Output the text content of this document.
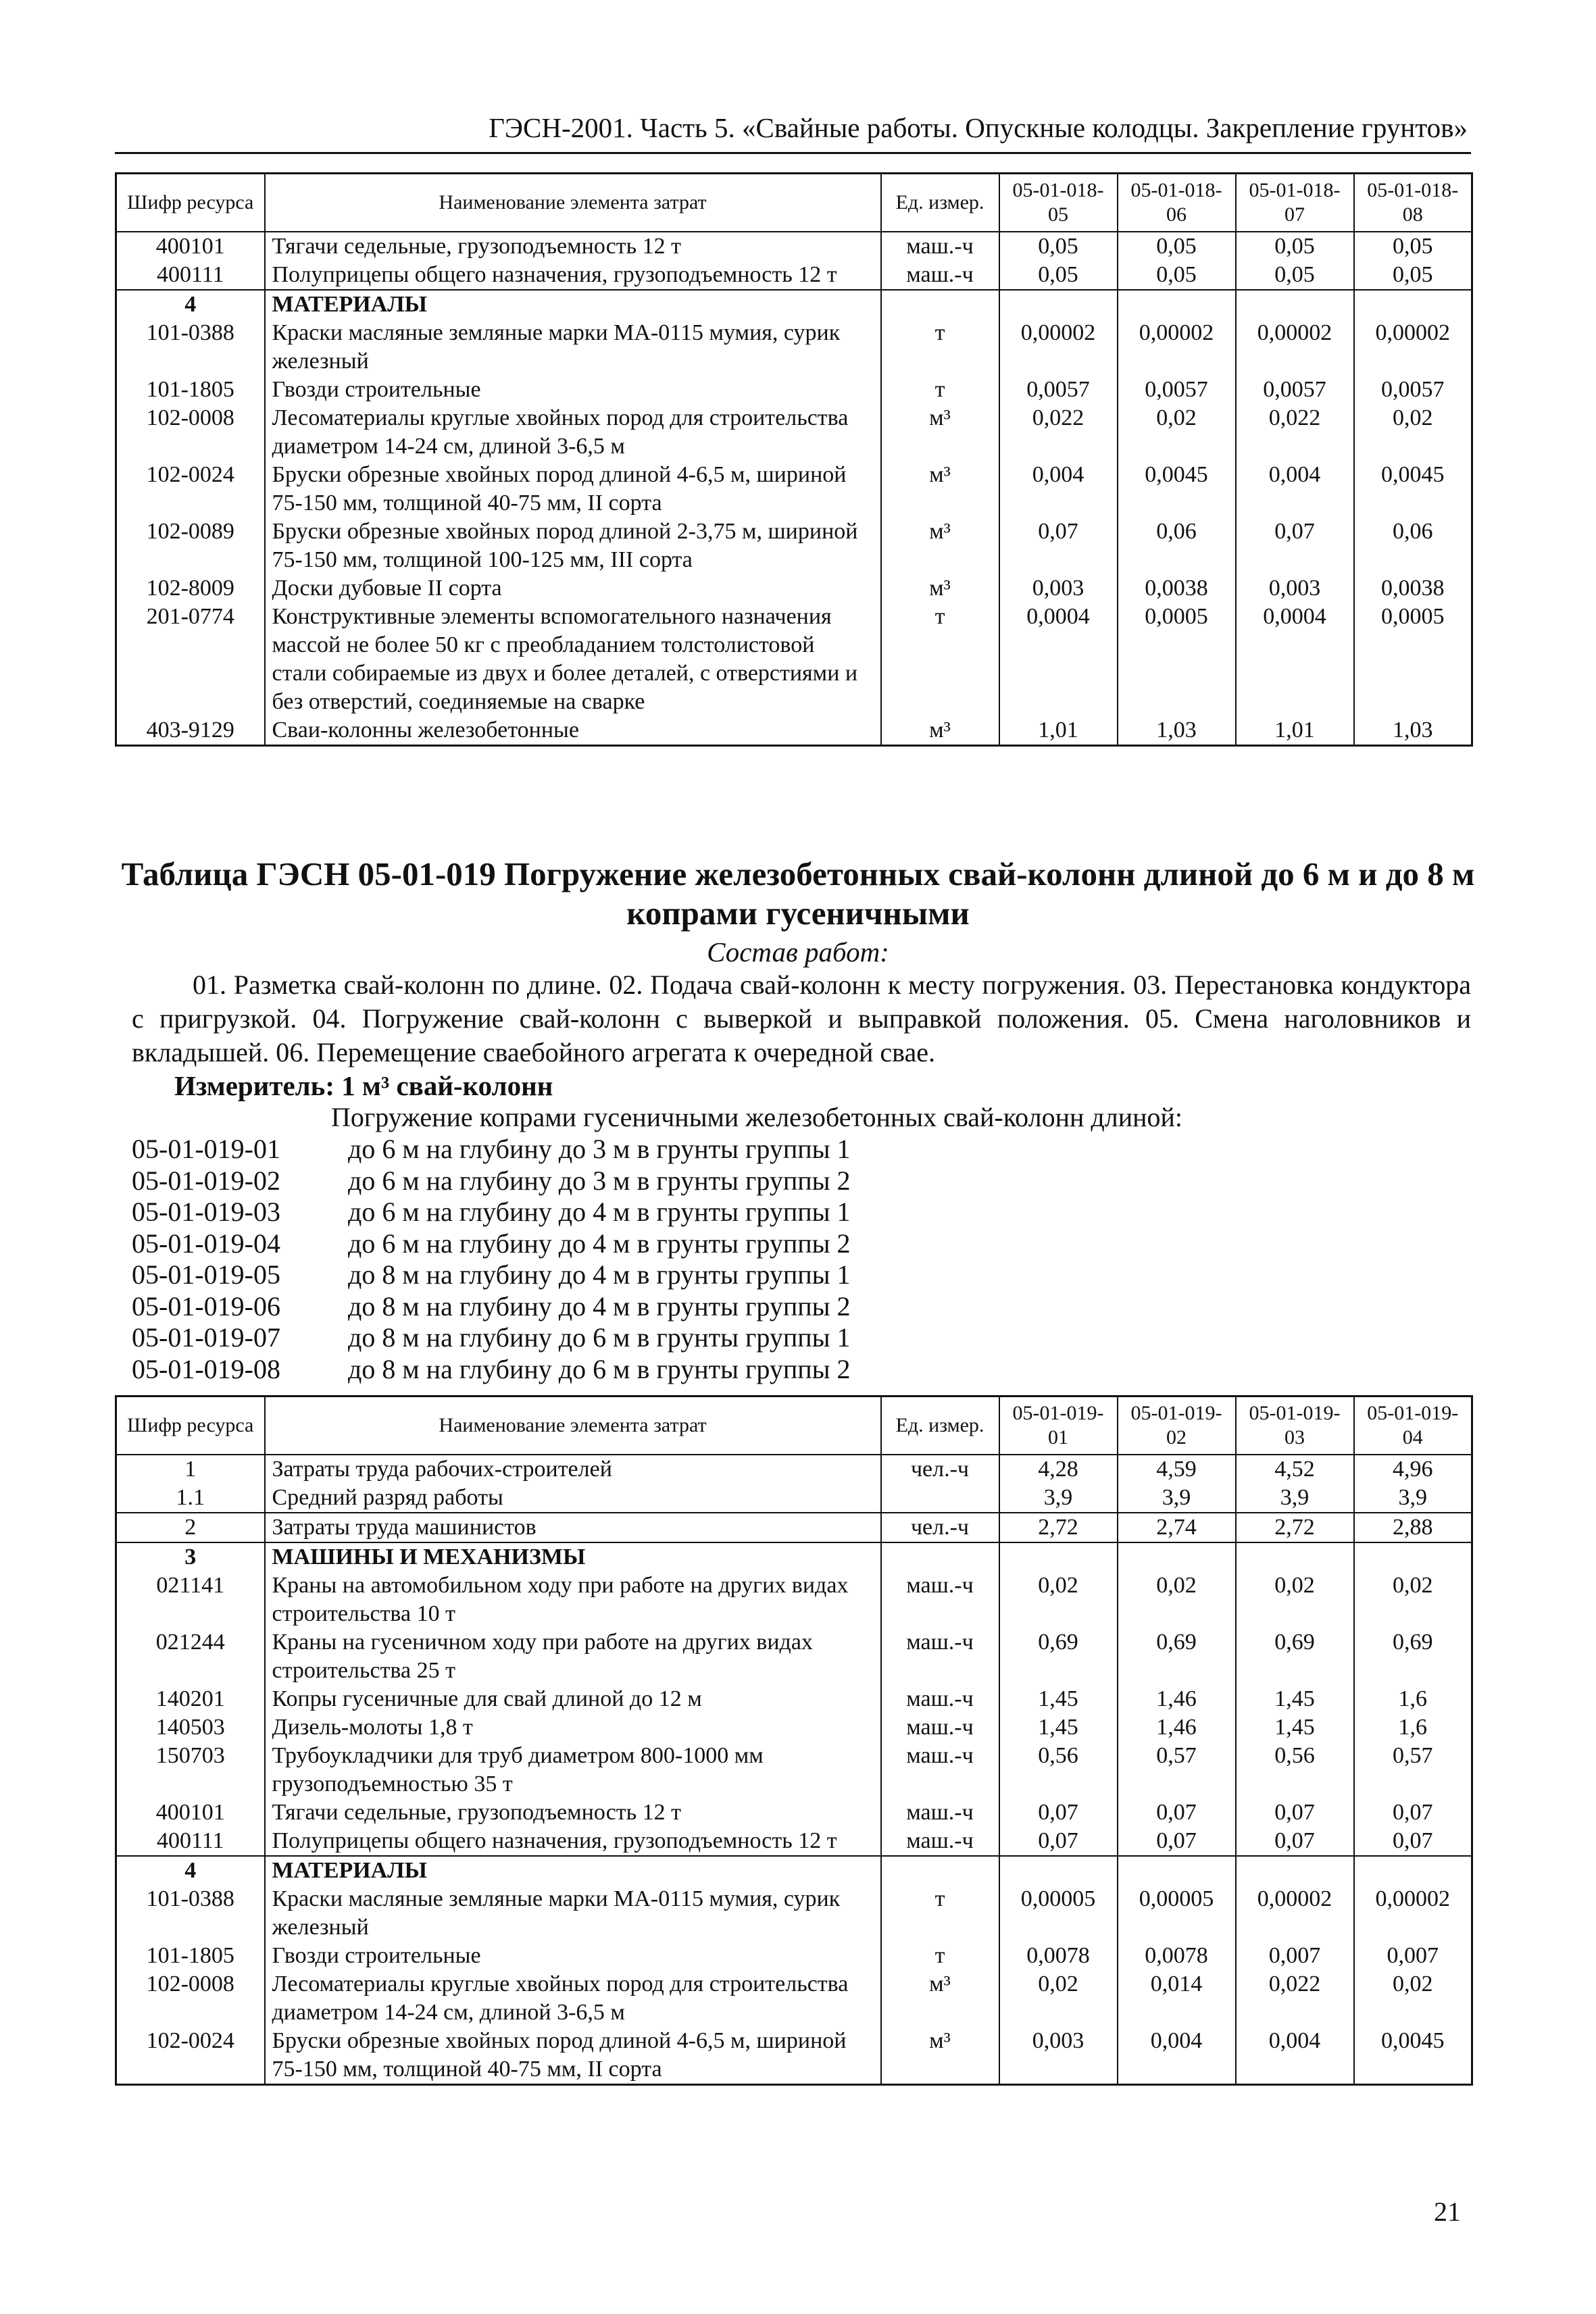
ГЭСН-2001. Часть 5. «Свайные работы. Опускные колодцы. Закрепление грунтов»
Шифр ресурса	Наименование элемента затрат	Ед. измер.	05-01-018-05	05-01-018-06	05-01-018-07	05-01-018-08
400101	Тягачи седельные, грузоподъемность 12 т	маш.-ч	0,05	0,05	0,05	0,05
400111	Полуприцепы общего назначения, грузоподъемность 12 т	маш.-ч	0,05	0,05	0,05	0,05
4	МАТЕРИАЛЫ					
101-0388	Краски масляные земляные марки МА-0115 мумия, сурик железный	т	0,00002	0,00002	0,00002	0,00002
101-1805	Гвозди строительные	т	0,0057	0,0057	0,0057	0,0057
102-0008	Лесоматериалы круглые хвойных пород для строительства диаметром 14-24 см, длиной 3-6,5 м	м³	0,022	0,02	0,022	0,02
102-0024	Бруски обрезные хвойных пород длиной 4-6,5 м, шириной 75-150 мм, толщиной 40-75 мм, II сорта	м³	0,004	0,0045	0,004	0,0045
102-0089	Бруски обрезные хвойных пород длиной 2-3,75 м, шириной 75-150 мм, толщиной 100-125 мм, III сорта	м³	0,07	0,06	0,07	0,06
102-8009	Доски дубовые II сорта	м³	0,003	0,0038	0,003	0,0038
201-0774	Конструктивные элементы вспомогательного назначения массой не более 50 кг с преобладанием толстолистовой стали собираемые из двух и более деталей, с отверстиями и без отверстий, соединяемые на сварке	т	0,0004	0,0005	0,0004	0,0005
403-9129	Сваи-колонны железобетонные	м³	1,01	1,03	1,01	1,03
Таблица ГЭСН 05-01-019 Погружение железобетонных свай-колонн длиной до 6 м и до 8 м копрами гусеничными
Состав работ:
01. Разметка свай-колонн по длине. 02. Подача свай-колонн к месту погружения. 03. Перестановка кондуктора с пригрузкой. 04. Погружение свай-колонн с выверкой и выправкой положения. 05. Смена наголовников и вкладышей. 06. Перемещение сваебойного агрегата к очередной свае.
Измеритель: 1 м³ свай-колонн
Погружение копрами гусеничными железобетонных свай-колонн длиной:
05-01-019-01	до 6 м на глубину до 3 м в грунты группы 1
05-01-019-02	до 6 м на глубину до 3 м в грунты группы 2
05-01-019-03	до 6 м на глубину до 4 м в грунты группы 1
05-01-019-04	до 6 м на глубину до 4 м в грунты группы 2
05-01-019-05	до 8 м на глубину до 4 м в грунты группы 1
05-01-019-06	до 8 м на глубину до 4 м в грунты группы 2
05-01-019-07	до 8 м на глубину до 6 м в грунты группы 1
05-01-019-08	до 8 м на глубину до 6 м в грунты группы 2
Шифр ресурса	Наименование элемента затрат	Ед. измер.	05-01-019-01	05-01-019-02	05-01-019-03	05-01-019-04
1	Затраты труда рабочих-строителей	чел.-ч	4,28	4,59	4,52	4,96
1.1	Средний разряд работы		3,9	3,9	3,9	3,9
2	Затраты труда машинистов	чел.-ч	2,72	2,74	2,72	2,88
3	МАШИНЫ И МЕХАНИЗМЫ					
021141	Краны на автомобильном ходу при работе на других видах строительства 10 т	маш.-ч	0,02	0,02	0,02	0,02
021244	Краны на гусеничном ходу при работе на других видах строительства 25 т	маш.-ч	0,69	0,69	0,69	0,69
140201	Копры гусеничные для свай длиной до 12 м	маш.-ч	1,45	1,46	1,45	1,6
140503	Дизель-молоты 1,8 т	маш.-ч	1,45	1,46	1,45	1,6
150703	Трубоукладчики для труб диаметром 800-1000 мм грузоподъемностью 35 т	маш.-ч	0,56	0,57	0,56	0,57
400101	Тягачи седельные, грузоподъемность 12 т	маш.-ч	0,07	0,07	0,07	0,07
400111	Полуприцепы общего назначения, грузоподъемность 12 т	маш.-ч	0,07	0,07	0,07	0,07
4	МАТЕРИАЛЫ					
101-0388	Краски масляные земляные марки МА-0115 мумия, сурик железный	т	0,00005	0,00005	0,00002	0,00002
101-1805	Гвозди строительные	т	0,0078	0,0078	0,007	0,007
102-0008	Лесоматериалы круглые хвойных пород для строительства диаметром 14-24 см, длиной 3-6,5 м	м³	0,02	0,014	0,022	0,02
102-0024	Бруски обрезные хвойных пород длиной 4-6,5 м, шириной 75-150 мм, толщиной 40-75 мм, II сорта	м³	0,003	0,004	0,004	0,0045
21
